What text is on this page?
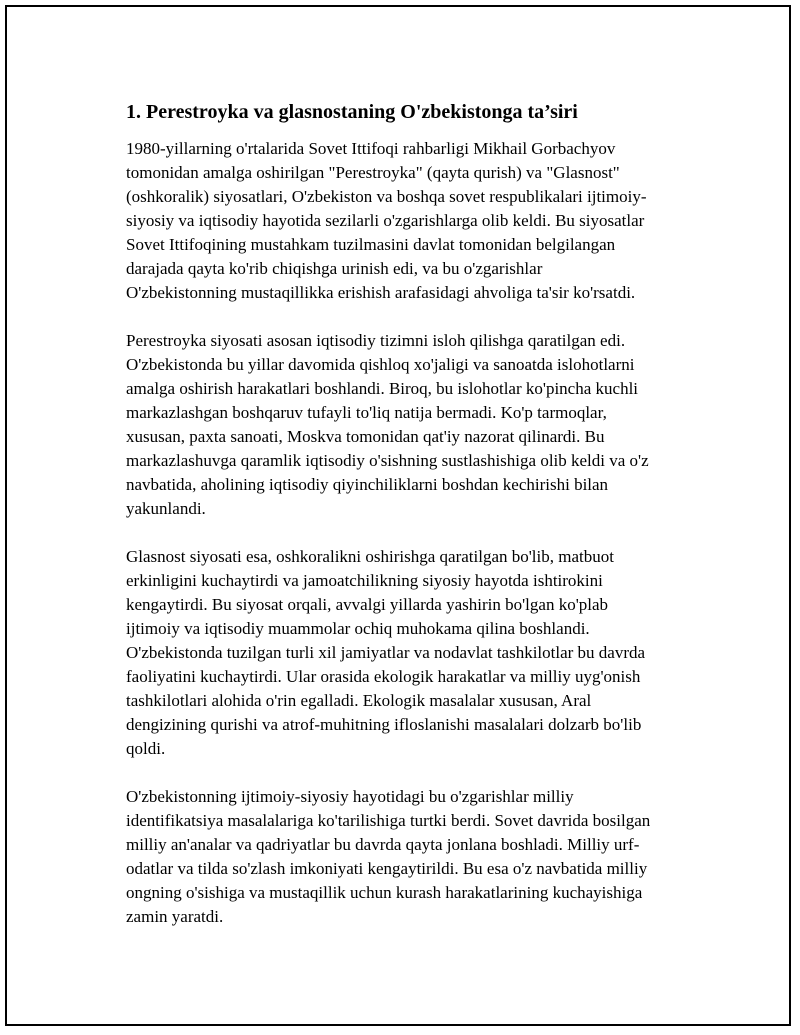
1. Perestroyka va glasnostaning O'zbekistonga ta’siri
1980-yillarning o'rtalarida Sovet Ittifoqi rahbarligi Mikhail Gorbachyov
tomonidan amalga oshirilgan "Perestroyka" (qayta qurish) va "Glasnost"
(oshkoralik) siyosatlari, O'zbekiston va boshqa sovet respublikalari ijtimoiy-
siyosiy va iqtisodiy hayotida sezilarli o'zgarishlarga olib keldi. Bu siyosatlar
Sovet Ittifoqining mustahkam tuzilmasini davlat tomonidan belgilangan
darajada qayta ko'rib chiqishga urinish edi, va bu o'zgarishlar
O'zbekistonning mustaqillikka erishish arafasidagi ahvoliga ta'sir ko'rsatdi.
Perestroyka siyosati asosan iqtisodiy tizimni isloh qilishga qaratilgan edi.
O'zbekistonda bu yillar davomida qishloq xo'jaligi va sanoatda islohotlarni
amalga oshirish harakatlari boshlandi. Biroq, bu islohotlar ko'pincha kuchli
markazlashgan boshqaruv tufayli to'liq natija bermadi. Ko'p tarmoqlar,
xususan, paxta sanoati, Moskva tomonidan qat'iy nazorat qilinardi. Bu
markazlashuvga qaramlik iqtisodiy o'sishning sustlashishiga olib keldi va o'z
navbatida, aholining iqtisodiy qiyinchiliklarni boshdan kechirishi bilan
yakunlandi.
Glasnost siyosati esa, oshkoralikni oshirishga qaratilgan bo'lib, matbuot
erkinligini kuchaytirdi va jamoatchilikning siyosiy hayotda ishtirokini
kengaytirdi. Bu siyosat orqali, avvalgi yillarda yashirin bo'lgan ko'plab
ijtimoiy va iqtisodiy muammolar ochiq muhokama qilina boshlandi.
O'zbekistonda tuzilgan turli xil jamiyatlar va nodavlat tashkilotlar bu davrda
faoliyatini kuchaytirdi. Ular orasida ekologik harakatlar va milliy uyg'onish
tashkilotlari alohida o'rin egalladi. Ekologik masalalar xususan, Aral
dengizining qurishi va atrof-muhitning ifloslanishi masalalari dolzarb bo'lib
qoldi.
O'zbekistonning ijtimoiy-siyosiy hayotidagi bu o'zgarishlar milliy
identifikatsiya masalalariga ko'tarilishiga turtki berdi. Sovet davrida bosilgan
milliy an'analar va qadriyatlar bu davrda qayta jonlana boshladi. Milliy urf-
odatlar va tilda so'zlash imkoniyati kengaytirildi. Bu esa o'z navbatida milliy
ongning o'sishiga va mustaqillik uchun kurash harakatlarining kuchayishiga
zamin yaratdi.
